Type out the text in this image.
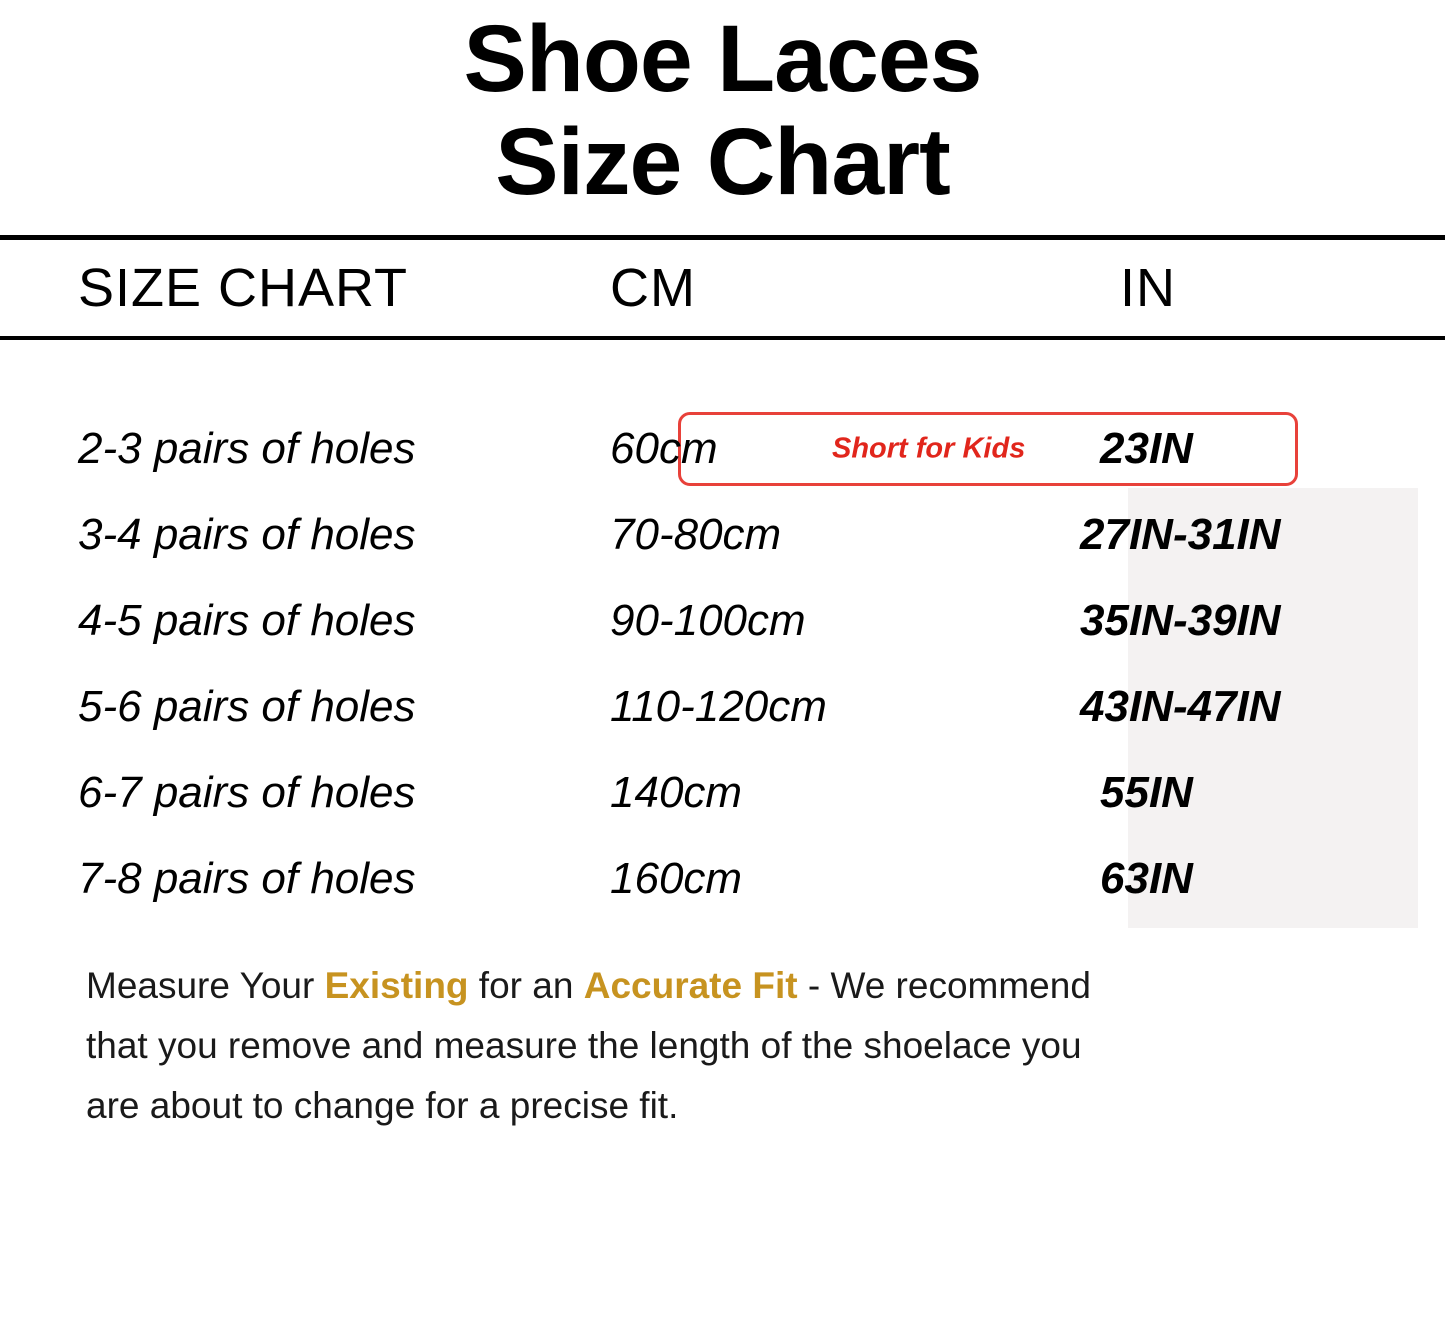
Shoe Laces
Size Chart
SIZE CHART	CM	IN
2-3 pairs of holes	60cm	Short for Kids	23IN
3-4 pairs of holes	70-80cm	27IN-31IN
4-5 pairs of holes	90-100cm	35IN-39IN
5-6 pairs of holes	110-120cm	43IN-47IN
6-7 pairs of holes	140cm	55IN
7-8 pairs of holes	160cm	63IN
Measure Your Existing for an Accurate Fit - We recommend
that you remove and measure the length of the shoelace you
are about to change for a precise fit.
